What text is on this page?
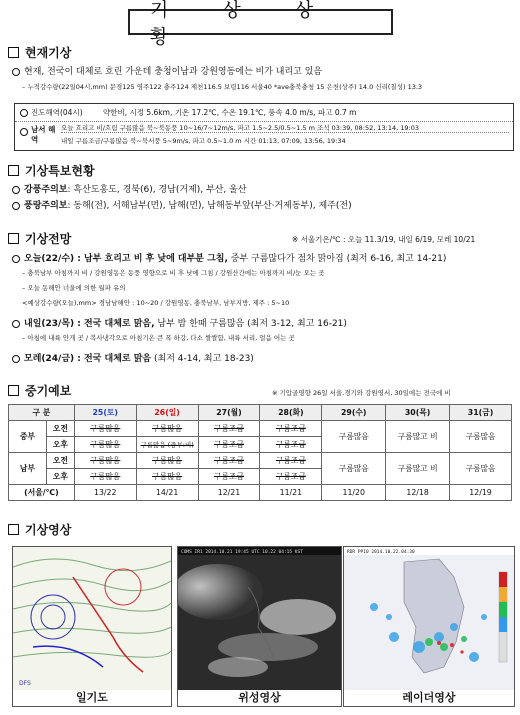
기 상 상 황
현재기상
현재, 전국이 대체로 흐린 가운데 충청이남과 강원영동에는 비가 내리고 있음
– 누적강수량(22일04시,mm) 문경125 영주122 충주124 제천116.5 보령116 서울40 *ave충북충청 15 은천(상주) 14.0 신리(칠성) 13.3
진도해역(04시)	약한비, 시정 5.6km, 기온 17.2℃, 수온 19.1℃, 풍속 4.0 m/s, 파고 0.7 m
남서 해역
오늘 흐리고 비/흐림 구름많음 북~북동풍 10~16/7~12m/s, 파고 1.5~2.5/0.5~1.5 m 조석 03:39, 08:52, 13:14, 19:03
내일 구름조금/구름많음 북~북서풍 5~9m/s, 파고 0.5~1.0 m 시간 01:13, 07:09, 13:56, 19:34
기상특보현황
강풍주의보: 흑산도홍도, 경북(6), 경남(거제), 부산, 울산
풍랑주의보: 동해(전), 서해남부(먼), 남해(먼), 남해동부앞(부산·거제동부), 제주(전)
기상전망	※ 서울기온/℃ : 오늘 11.3/19, 내일 6/19, 모레 10/21
오늘(22/수) : 남부 흐리고 비 후 낮에 대부분 그침, 중부 구름많다가 점차 맑아짐 (최저 6-16, 최고 14-21)
– 충북남부 아침까지 비 / 강원영동은 동풍 영향으로 비 후 낮에 그침 / 강원산간에는 아침까지 비/눈 오는 곳
– 오늘 동해안 너울에 의한 월파 유의
<예상강수량(오늘),mm> 경남남해안 : 10~20 / 강원영동, 충북남부, 남부지방, 제주 : 5~10
내일(23/목) : 전국 대체로 맑음, 남부 밤 한때 구름많음 (최저 3-12, 최고 16-21)
– 아침에 내륙 안개 곳 / 복사냉각으로 아침기온 큰 폭 하강, 다소 쌀쌀함, 내륙 서리, 얼음 어는 곳
모레(24/금) : 전국 대체로 맑음 (최저 4-14, 최고 18-23)
중기예보	※ 기압골영향 26일 서울.경기와 강원영서, 30일에는 전국에 비
구 분		25(토)	26(일)	27(월)	28(화)	29(수)	30(목)	31(금)
중부	오전	구름많음	구름많음	구름조금	구름조금	구름많음	구름많고 비	구름많음
	오후	구름많음	구름많음 (중부:비)	구름조금	구름조금			
남부	오전	구름많음	구름많음	구름조금	구름조금	구름많음	구름많고 비	구름많음
	오후	구름많음	구름많음	구름조금	구름조금			
(서울/℃)		13/22	14/21	12/21	11/21	11/20	12/18	12/19
기상영상
DFS
일기도
COMS IR1 2014.10.21 19:45 UTC 10.22 04:15 KST
위성영상
RDR PPI0 2014.10.22.04:30
레이더영상
